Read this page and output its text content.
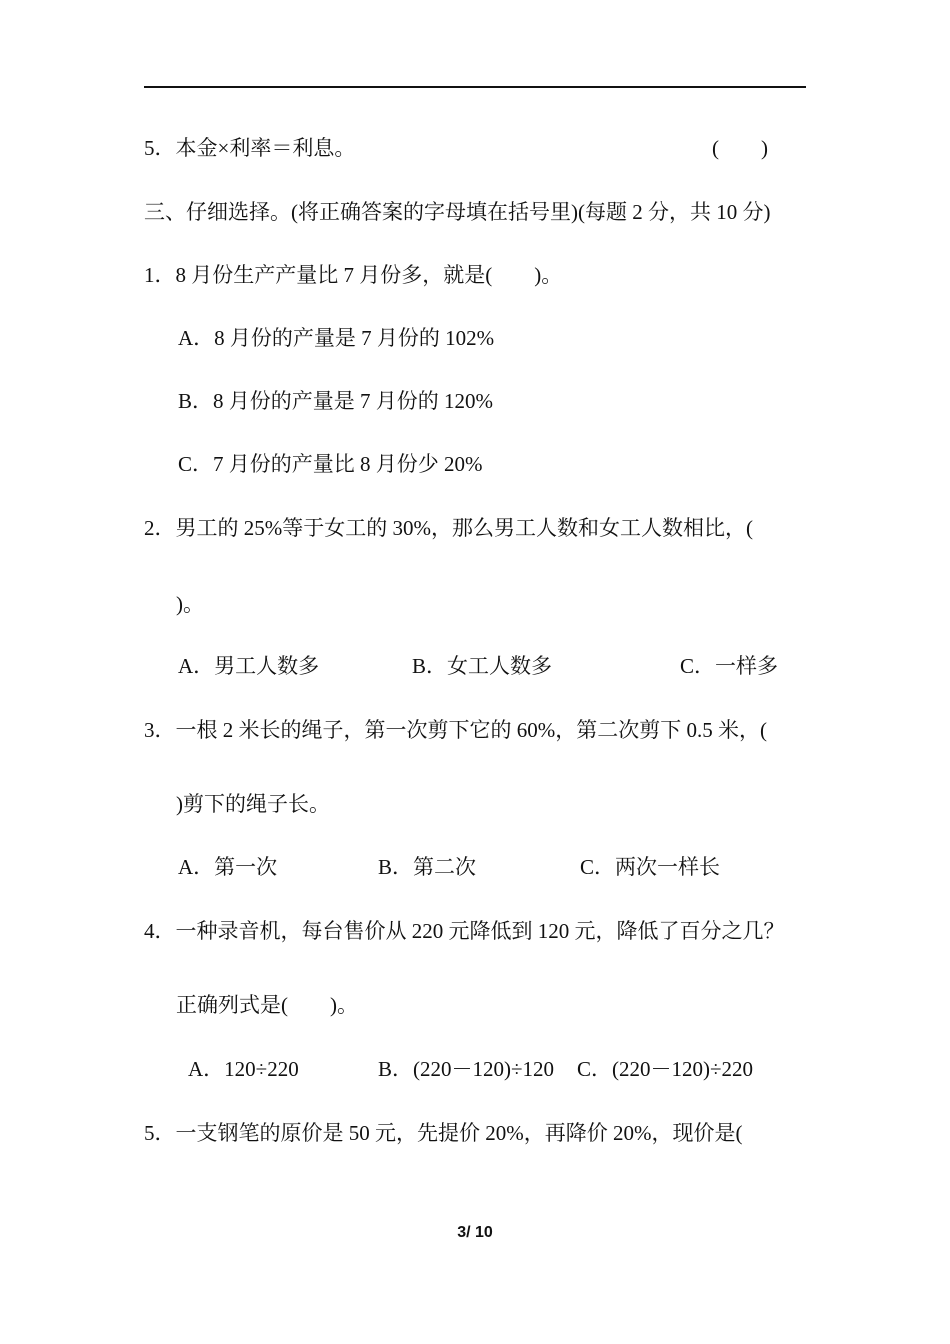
5．本金×利率＝利息。	(　　)
三、仔细选择。(将正确答案的字母填在括号里)(每题 2 分，共 10 分)
1．8 月份生产产量比 7 月份多，就是(　　)。
A．8 月份的产量是 7 月份的 102%
B．8 月份的产量是 7 月份的 120%
C．7 月份的产量比 8 月份少 20%
2．男工的 25%等于女工的 30%，那么男工人数和女工人数相比，(
)。
A．男工人数多	B．女工人数多	C．一样多
3．一根 2 米长的绳子，第一次剪下它的 60%，第二次剪下 0.5 米，(
)剪下的绳子长。
A．第一次	B．第二次	C．两次一样长
4．一种录音机，每台售价从 220 元降低到 120 元，降低了百分之几？
正确列式是(　　)。
A．120÷220	B．(220－120)÷120 C．(220－120)÷220
5．一支钢笔的原价是 50 元，先提价 20%，再降价 20%，现价是(
3/ 10
